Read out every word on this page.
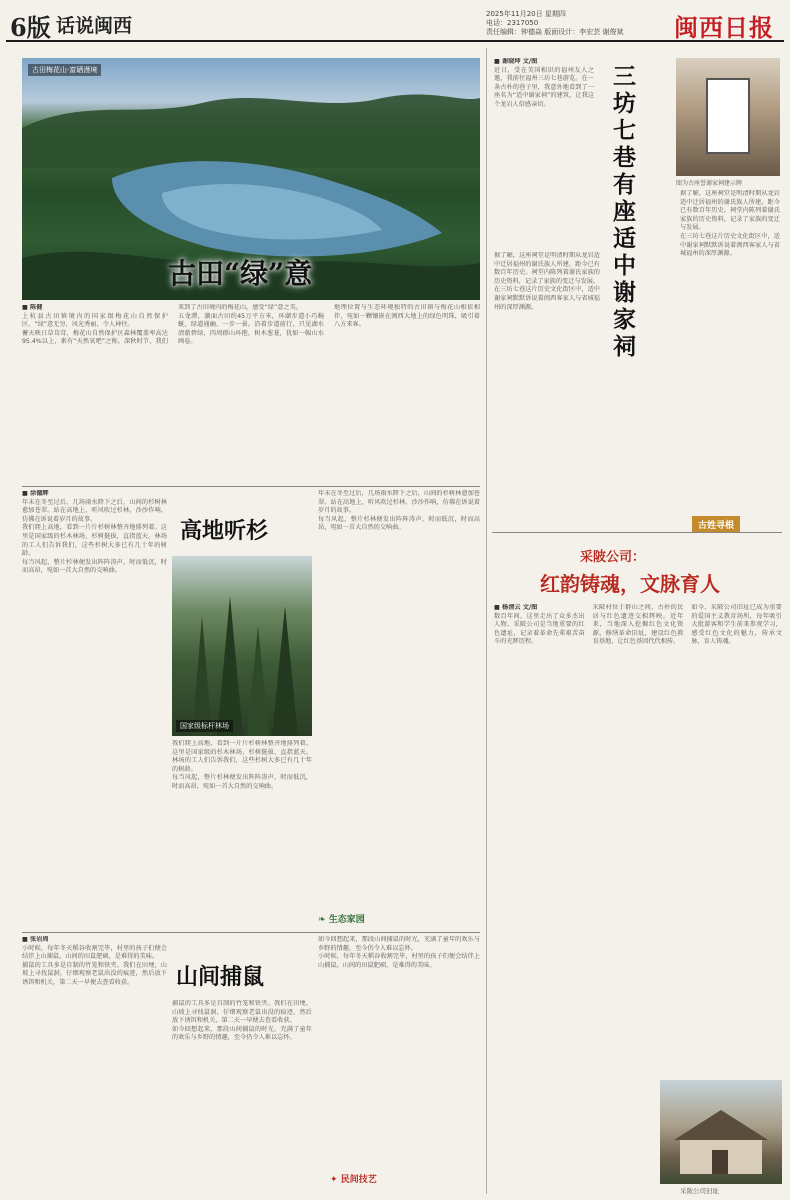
6版 话说闽西
2025年11月20日 星期四
电话：2317050
责任编辑：钟德焱 版面设计：李宏芸 谢俊斌 闽西日报
古田梅花山·富硒漫境
古田“绿”意

■ 陈健

上杭县古田镇境内的国家级梅花山自然保护区，“绿”意无穷，风光秀丽，令人神往。

蓄天映日草茸茸，梅花山自然保护区森林覆盖率高达95.4%以上，素有“天然氧吧”之称。深秋时节，我们来到了古田境内的梅花山，感受“绿”意之美。

五龙潭，潮面古田约45万平方米，环潮步道小巧蜿蜒，绿道通幽，一步一景。沿着步道前行，只见湖水清澈碧绿，四周群山环抱，树木葱茏，犹如一幅山水画卷。

地理位置与生态环境独特的古田镇与梅花山相依相伴，宛如一颗镶嵌在闽西大地上的绿色明珠，吸引着八方来客。

■ 涂德辉

年末在冬至过后，几场雨水降下之后，山间的杉树林愈加苍翠。站在高地上，听风吹过杉林，沙沙作响，仿佛在诉说着岁月的故事。

我们爬上高地，看到一片片杉树林整齐地排列着。这里是国家级的杉木林场，杉树挺拔，直指蓝天。林场的工人们告诉我们，这些杉树大多已有几十年的树龄。

每当风起，整片杉林便发出阵阵涛声，时而低沉，时而高昂，宛如一首大自然的交响曲。

高地听杉
国家级标杆林场

我们爬上高地，看到一片片杉树林整齐地排列着。这里是国家级的杉木林场，杉树挺拔，直指蓝天。林场的工人们告诉我们，这些杉树大多已有几十年的树龄。

每当风起，整片杉林便发出阵阵涛声，时而低沉，时而高昂，宛如一首大自然的交响曲。

年末在冬至过后，几场雨水降下之后，山间的杉树林愈加苍翠。站在高地上，听风吹过杉林，沙沙作响，仿佛在诉说着岁月的故事。

每当风起，整片杉林便发出阵阵涛声，时而低沉，时而高昂，宛如一首大自然的交响曲。

❧ 生态家园

■ 张岩周

小时候，每年冬天稻谷收割完毕，村里的孩子们便会结伴上山捕鼠。山间的田鼠肥硕，是难得的美味。

捕鼠的工具多是自制的竹笼和铁夹。我们在田埂、山坡上寻找鼠洞，仔细观察老鼠出没的痕迹，然后放下诱饵和机关，第二天一早便去查看收获。	山间捕鼠

捕鼠的工具多是自制的竹笼和铁夹。我们在田埂、山坡上寻找鼠洞，仔细观察老鼠出没的痕迹，然后放下诱饵和机关，第二天一早便去查看收获。

如今回想起来，那段山间捕鼠的时光，充满了童年的欢乐与乡野的情趣，至今仍令人难以忘怀。

如今回想起来，那段山间捕鼠的时光，充满了童年的欢乐与乡野的情趣，至今仍令人难以忘怀。

小时候，每年冬天稻谷收割完毕，村里的孩子们便会结伴上山捕鼠。山间的田鼠肥硕，是难得的美味。

✦ 民间技艺

■ 谢晓坤 文/图

近日，受在美国相识的福州友人之邀，我前往福州三坊七巷游览。在一条古朴的巷子里，我意外地看到了一座名为“适中谢家祠”的建筑，让我这个龙岩人倍感亲切。	三坊七巷有座适中谢家祠	图为古座誉谢家祠建示牌

据了解，这座祠堂是明清时期从龙岩适中迁居福州的谢氏族人所建，距今已有数百年历史。祠堂内陈列着谢氏家族的历史资料，记录了家族的变迁与发展。

在三坊七巷这片历史文化街区中，适中谢家祠默默诉说着闽西客家人与省城福州的深厚渊源。

据了解，这座祠堂是明清时期从龙岩适中迁居福州的谢氏族人所建，距今已有数百年历史。祠堂内陈列着谢氏家族的历史资料，记录了家族的变迁与发展。

在三坊七巷这片历史文化街区中，适中谢家祠默默诉说着闽西客家人与省城福州的深厚渊源。

古姓寻根
采陂公司：
红韵铸魂，文脉育人

■ 杨清云 文/图

数百年间，这里走出了众多杰出人物。采陂公司是当地重要的红色遗址，记录着革命先辈艰苦奋斗的光辉历程。

采陂村位于群山之间，古朴的民居与红色遗迹交相辉映。近年来，当地深入挖掘红色文化资源，修缮革命旧址，建设红色教育基地，让红色基因代代相传。

如今，采陂公司旧址已成为重要的爱国主义教育场所，每年吸引大批游客和学生前来参观学习，感受红色文化的魅力，传承文脉，育人铸魂。

采陂公司旧址
